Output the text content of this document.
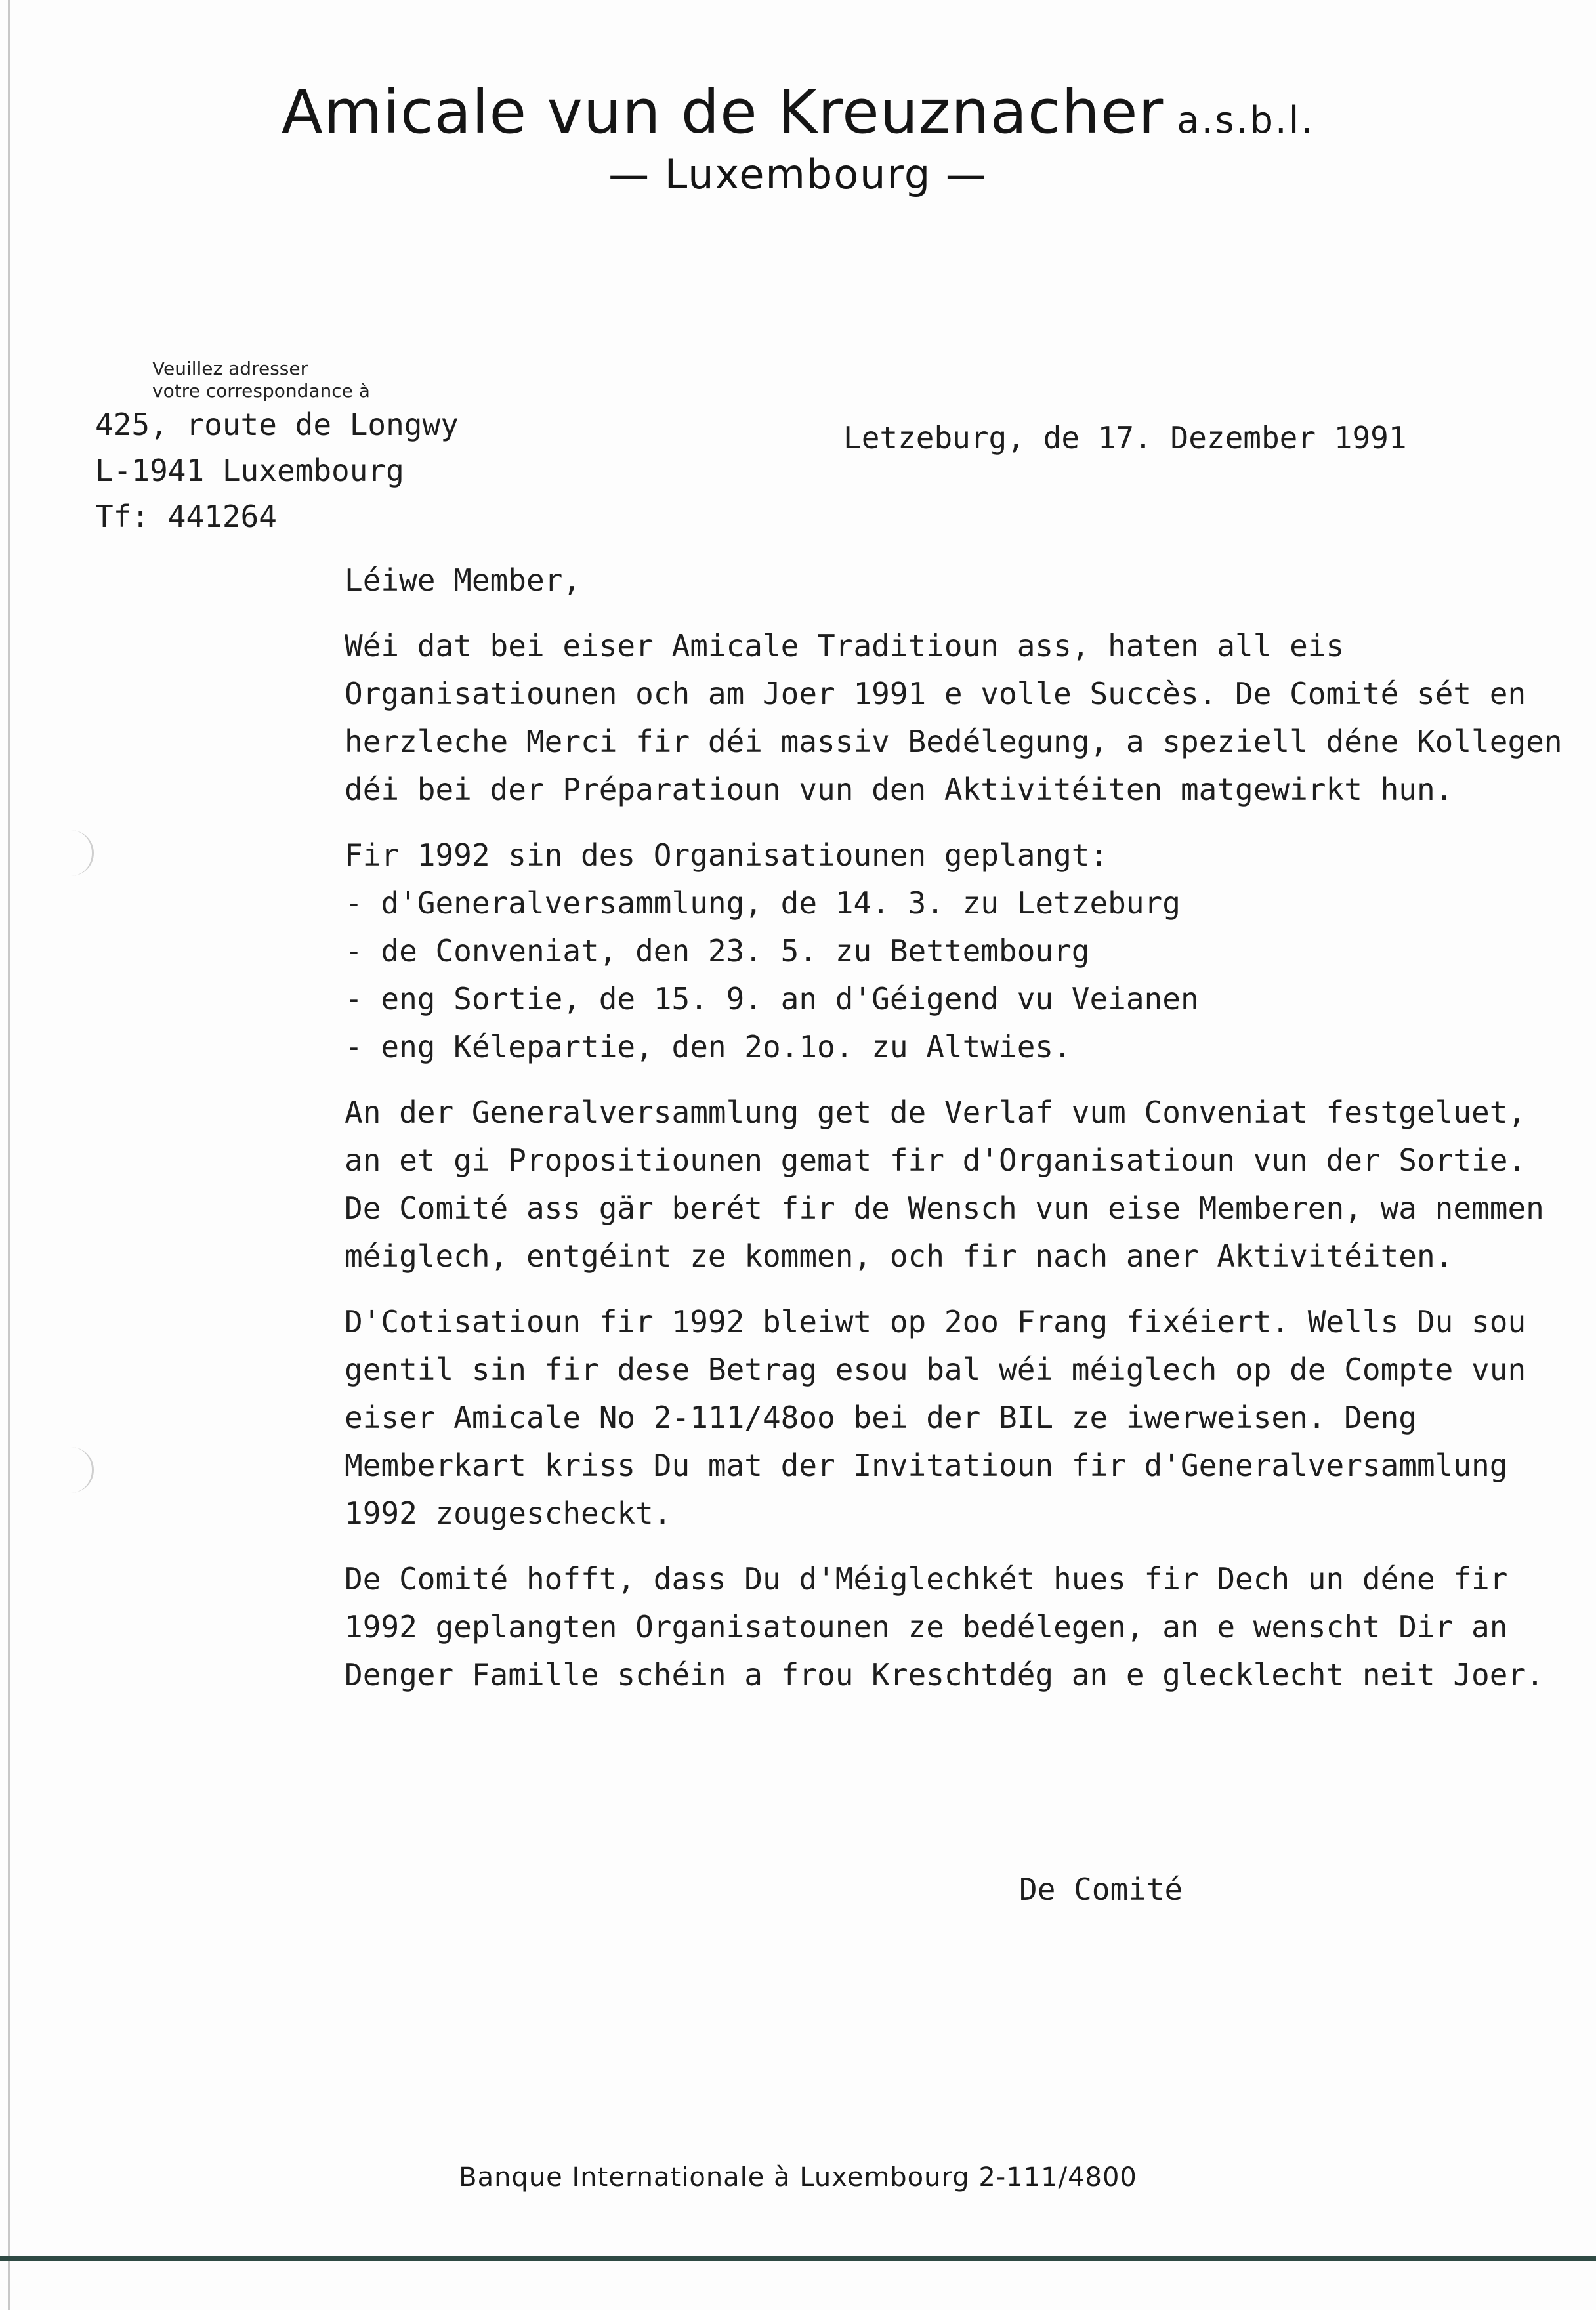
Amicale vun de Kreuznacher a.s.b.l.
— Luxembourg —
Veuillez adresser
votre correspondance à
425, route de Longwy
L-1941 Luxembourg
Tf: 441264
Letzeburg, de 17. Dezember 1991

Léiwe Member,

Wéi dat bei eiser Amicale Traditioun ass, haten all eis Organisatiounen och am Joer 1991 e volle Succès. De Comité sét en herzleche Merci fir déi massiv Bedélegung, a speziell déne Kollegen déi bei der Préparatioun vun den Aktivitéiten matgewirkt hun.

Fir 1992 sin des Organisatiounen geplangt:

- d'Generalversammlung, de 14. 3. zu Letzeburg
- de Conveniat, den 23. 5. zu Bettembourg
- eng Sortie, de 15. 9. an d'Géigend vu Veianen
- eng Kélepartie, den 2o.1o. zu Altwies.

An der Generalversammlung get de Verlaf vum Conveniat festgeluet, an et gi Propositiounen gemat fir d'Organisatioun vun der Sortie. De Comité ass gär berét fir de Wensch vun eise Memberen, wa nemmen méiglech, entgéint ze kommen, och fir nach aner Aktivitéiten.

D'Cotisatioun fir 1992 bleiwt op 2oo Frang fixéiert. Wells Du sou gentil sin fir dese Betrag esou bal wéi méiglech op de Compte vun eiser Amicale No 2-111/48oo bei der BIL ze iwerweisen. Deng Memberkart kriss Du mat der Invitatioun fir d'Generalversammlung 1992 zougescheckt.

De Comité hofft, dass Du d'Méiglechkét hues fir Dech un déne fir 1992 geplangten Organisatounen ze bedélegen, an e wenscht Dir an Denger Famille schéin a frou Kreschtdég an e glecklecht neit Joer.

De Comité
Banque Internationale à Luxembourg 2-111/4800
